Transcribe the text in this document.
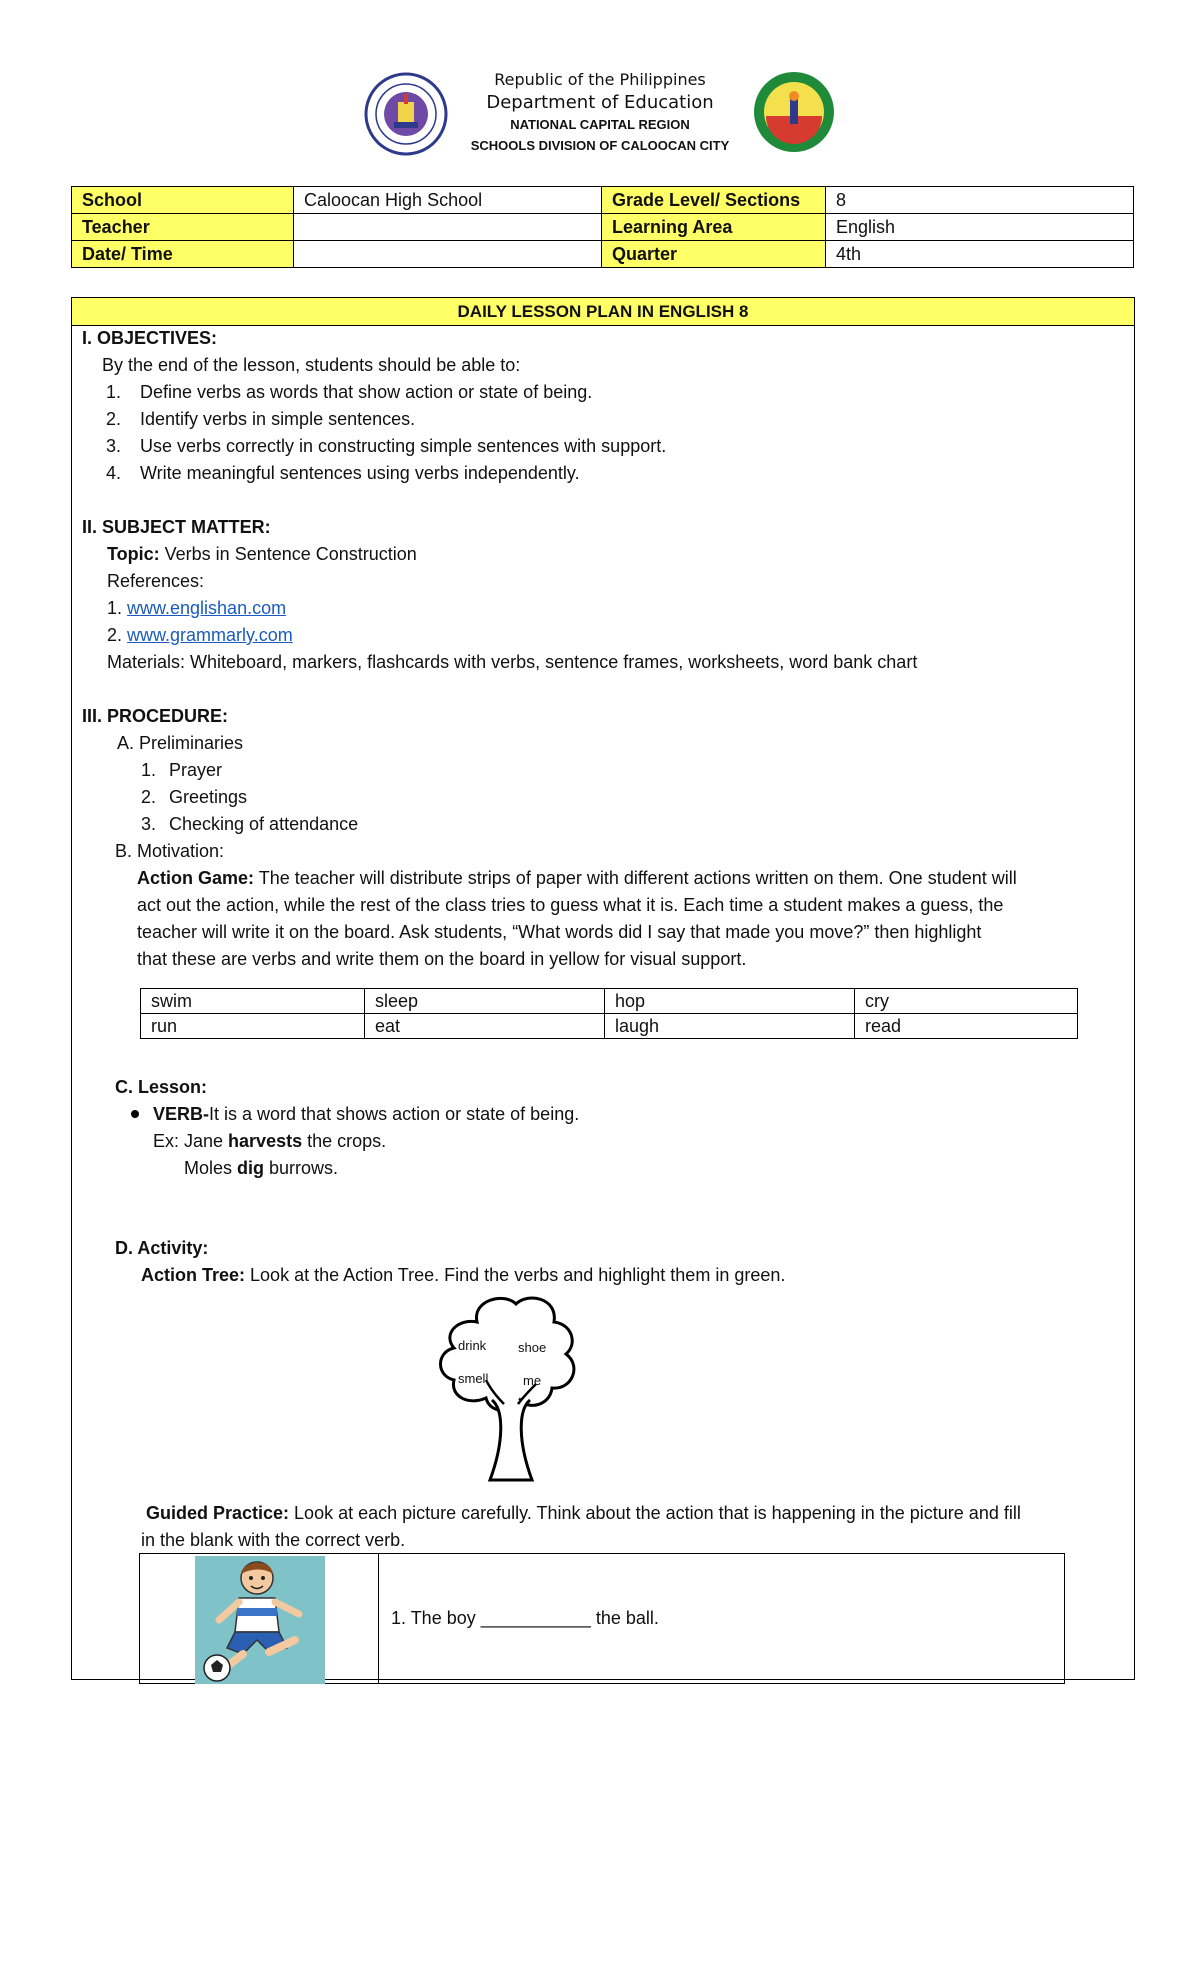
Republic of the Philippines
Department of Education
NATIONAL CAPITAL REGION
SCHOOLS DIVISION OF CALOOCAN CITY
School	Caloocan High School	Grade Level/ Sections	8
Teacher		Learning Area	English
Date/ Time		Quarter	4th
DAILY LESSON PLAN IN ENGLISH 8
I. OBJECTIVES:
By the end of the lesson, students should be able to:
1. Define verbs as words that show action or state of being.
2. Identify verbs in simple sentences.
3. Use verbs correctly in constructing simple sentences with support.
4. Write meaningful sentences using verbs independently.
II. SUBJECT MATTER:
Topic: Verbs in Sentence Construction
References:
1. www.englishan.com
2. www.grammarly.com
Materials: Whiteboard, markers, flashcards with verbs, sentence frames, worksheets, word bank chart
III. PROCEDURE:
A. Preliminaries
1. Prayer
2. Greetings
3. Checking of attendance
B. Motivation:
Action Game: The teacher will distribute strips of paper with different actions written on them. One student will
act out the action, while the rest of the class tries to guess what it is. Each time a student makes a guess, the
teacher will write it on the board. Ask students, “What words did I say that made you move?” then highlight
that these are verbs and write them on the board in yellow for visual support.
swim	sleep	hop	cry
run	eat	laugh	read
C. Lesson:
VERB-It is a word that shows action or state of being.
Ex: Jane harvests the crops.
Moles dig burrows.
D. Activity:
Action Tree: Look at the Action Tree. Find the verbs and highlight them in green.
drink shoe
smell	me
Guided Practice: Look at each picture carefully. Think about the action that is happening in the picture and fill
in the blank with the correct verb.
1. The boy ___________ the ball.
